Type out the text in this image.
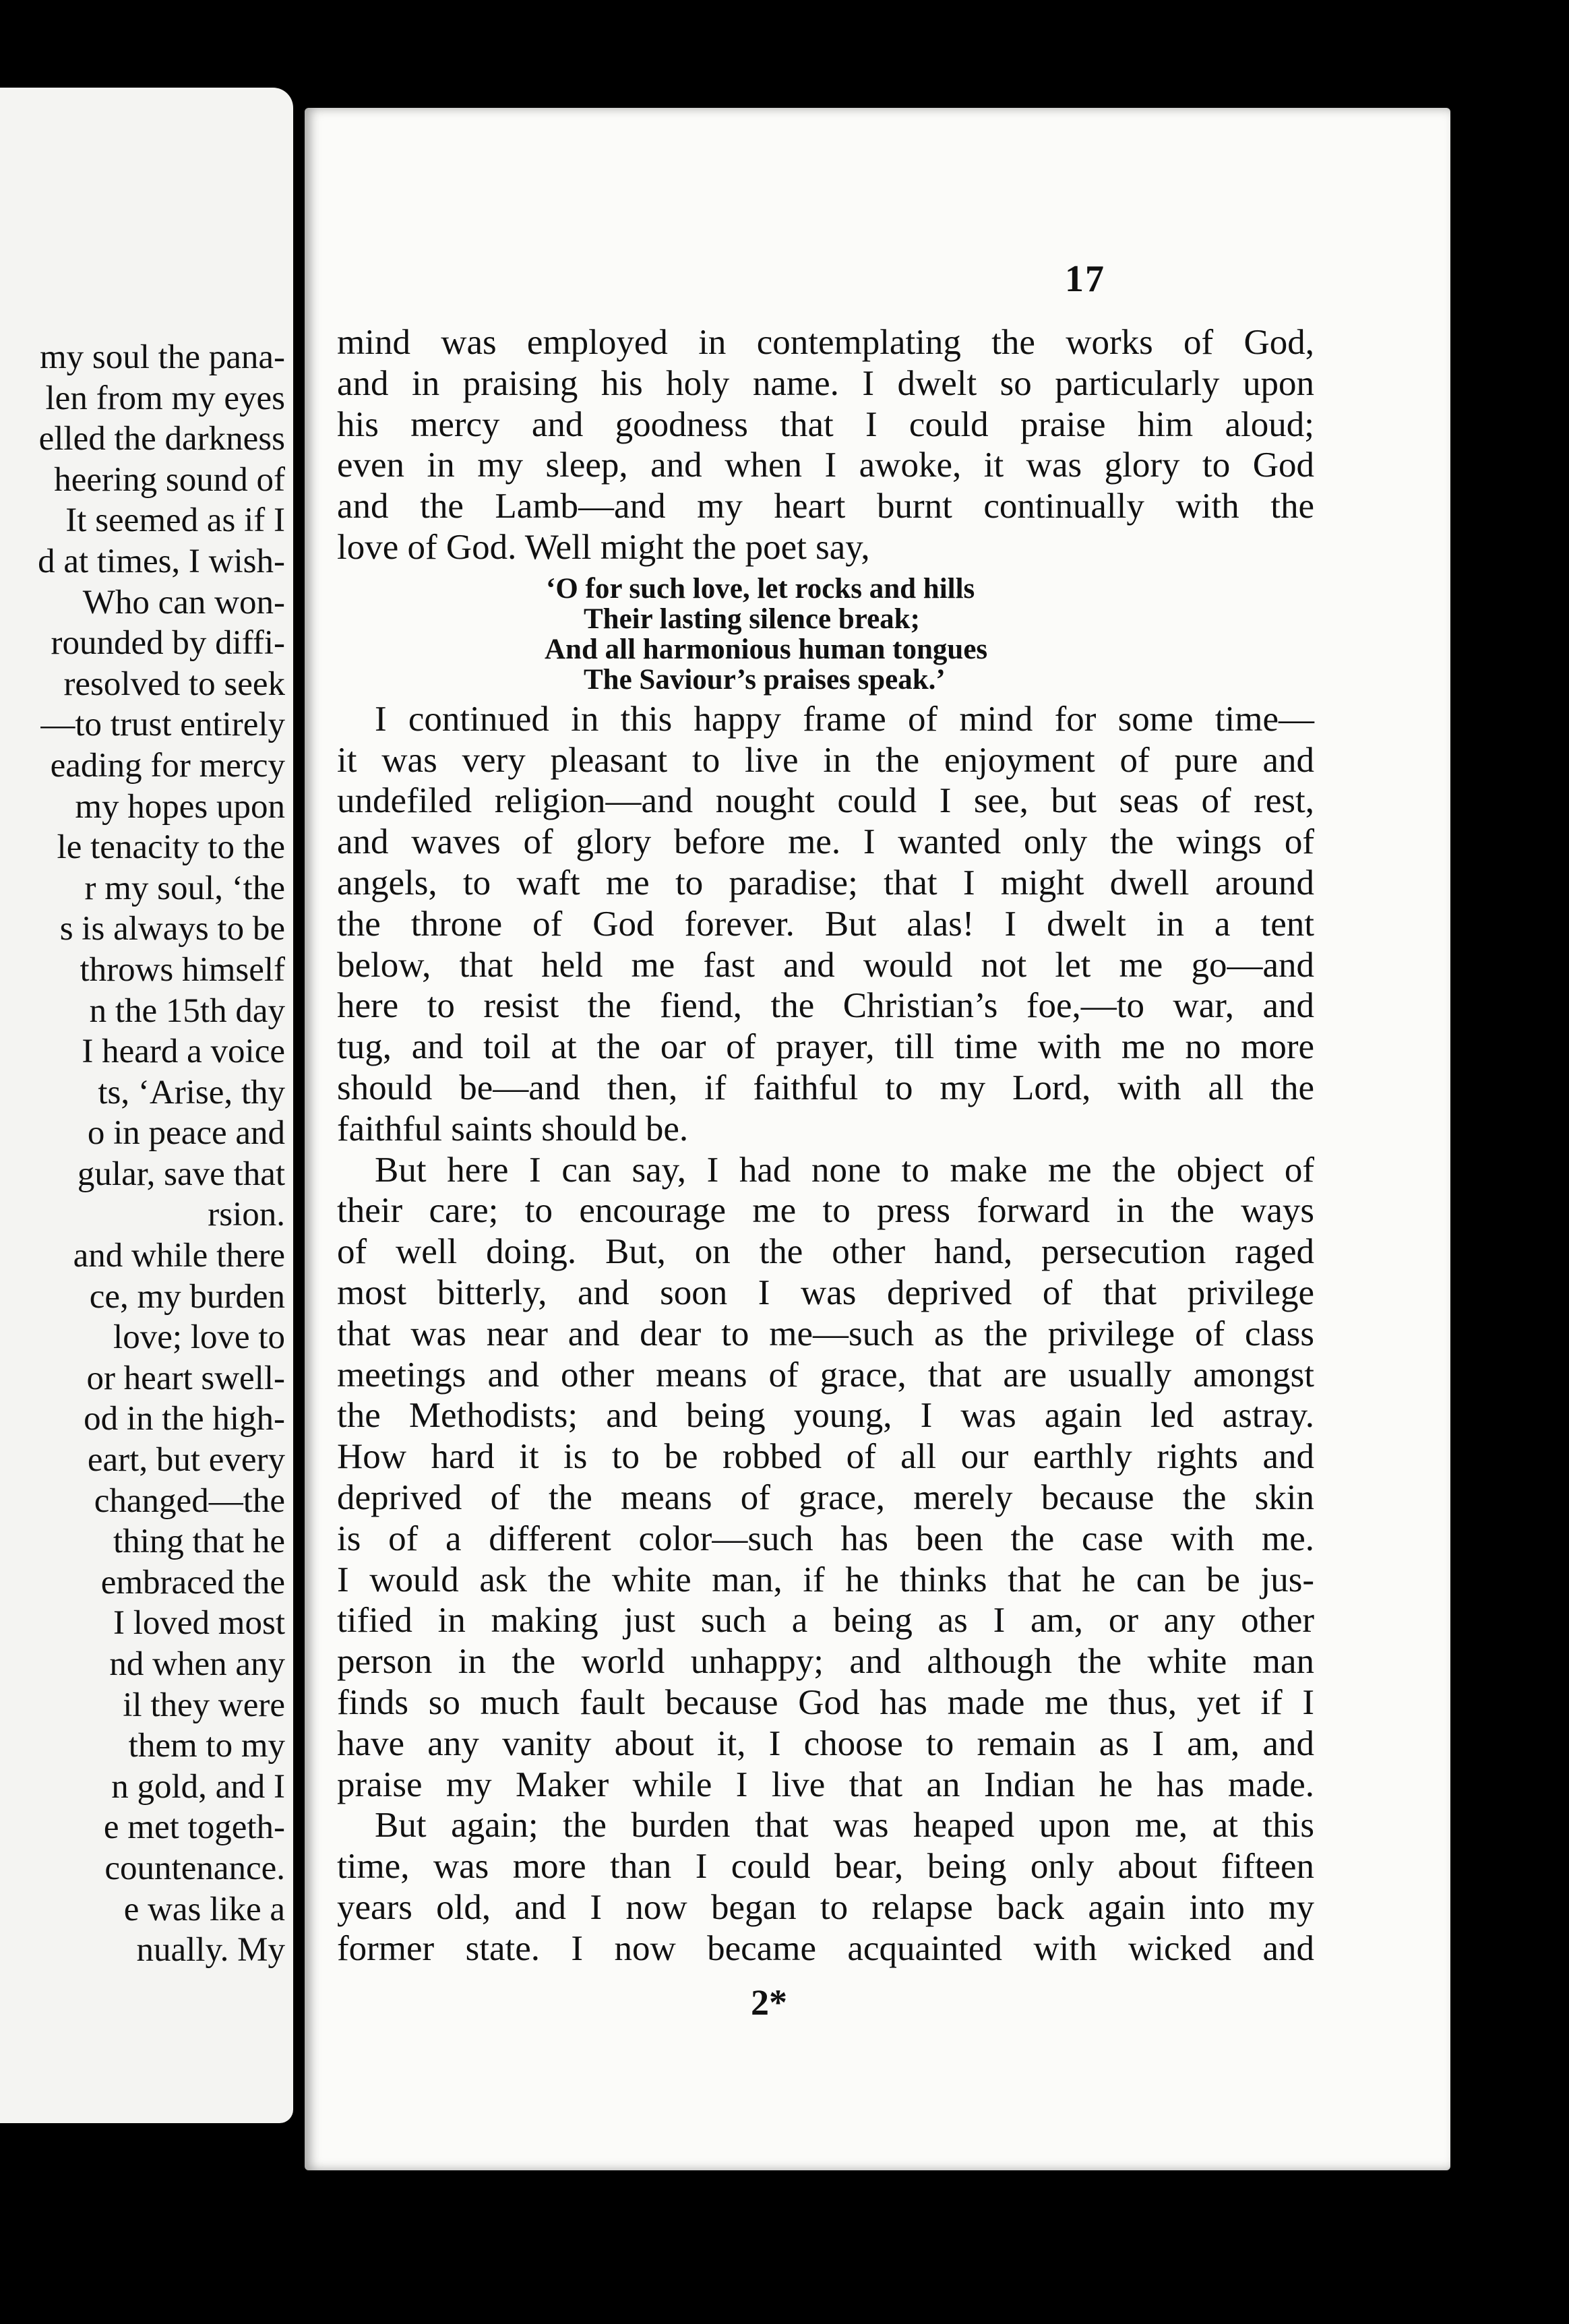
my soul the pana-
len from my eyes
elled the darkness
heering sound of
It seemed as if I
d at times, I wish-
Who can won-
rounded by diffi-
resolved to seek
—to trust entirely
eading for mercy
my hopes upon
le tenacity to the
r my soul, ‘the
s is always to be
throws himself
n the 15th day
I heard a voice
ts, ‘Arise, thy
o in peace and
gular, save that
rsion.
and while there
ce, my burden
love; love to
or heart swell-
od in the high-
eart, but every
changed—the
thing that he
embraced the
I loved most
nd when any
il they were
them to my
n gold, and I
e met togeth-
countenance.
e was like a
nually. My
17
mind was employed in contemplating the works of God,
and in praising his holy name. I dwelt so particularly upon
his mercy and goodness that I could praise him aloud;
even in my sleep, and when I awoke, it was glory to God
and the Lamb—and my heart burnt continually with the
love of God. Well might the poet say,
‘O for such love, let rocks and hills
Their lasting silence break;
And all harmonious human tongues
The Saviour’s praises speak.’
I continued in this happy frame of mind for some time—
it was very pleasant to live in the enjoyment of pure and
undefiled religion—and nought could I see, but seas of rest,
and waves of glory before me. I wanted only the wings of
angels, to waft me to paradise; that I might dwell around
the throne of God forever. But alas! I dwelt in a tent
below, that held me fast and would not let me go—and
here to resist the fiend, the Christian’s foe,—to war, and
tug, and toil at the oar of prayer, till time with me no more
should be—and then, if faithful to my Lord, with all the
faithful saints should be.
But here I can say, I had none to make me the object of
their care; to encourage me to press forward in the ways
of well doing. But, on the other hand, persecution raged
most bitterly, and soon I was deprived of that privilege
that was near and dear to me—such as the privilege of class
meetings and other means of grace, that are usually amongst
the Methodists; and being young, I was again led astray.
How hard it is to be robbed of all our earthly rights and
deprived of the means of grace, merely because the skin
is of a different color—such has been the case with me.
I would ask the white man, if he thinks that he can be jus-
tified in making just such a being as I am, or any other
person in the world unhappy; and although the white man
finds so much fault because God has made me thus, yet if I
have any vanity about it, I choose to remain as I am, and
praise my Maker while I live that an Indian he has made.
But again; the burden that was heaped upon me, at this
time, was more than I could bear, being only about fifteen
years old, and I now began to relapse back again into my
former state. I now became acquainted with wicked and
2*
